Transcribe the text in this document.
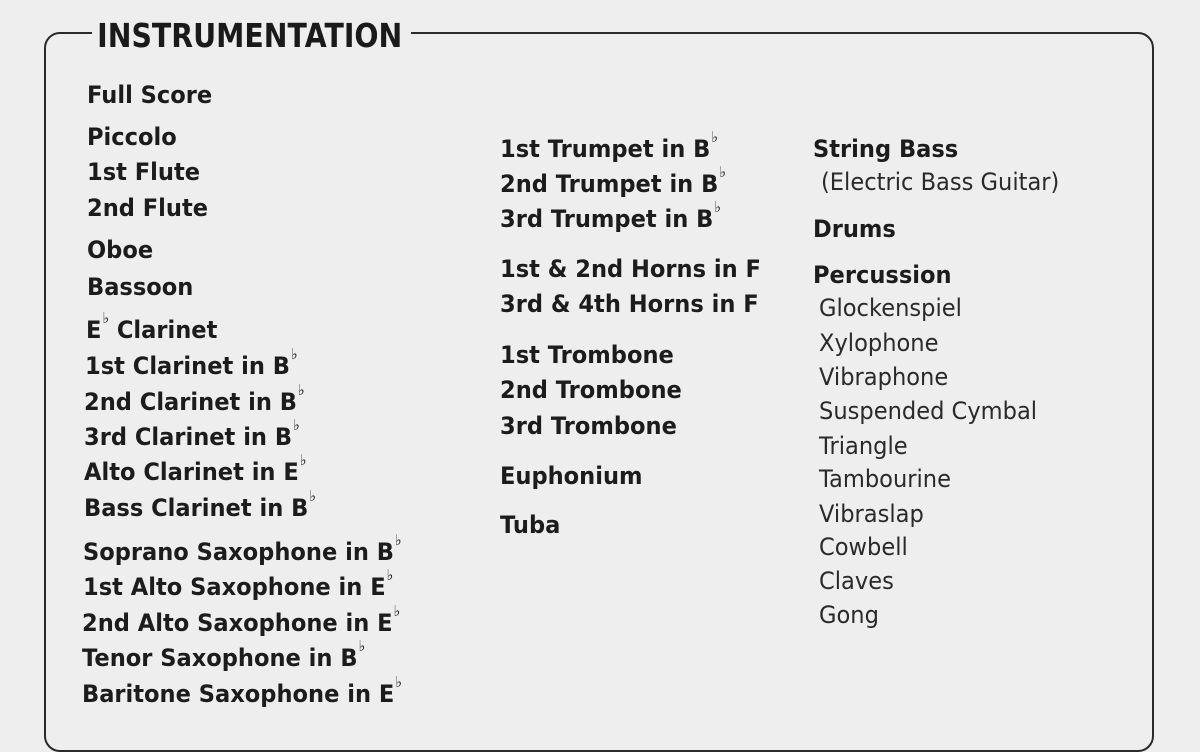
INSTRUMENTATION
Full Score
Piccolo
1st Flute
2nd Flute
Oboe
Bassoon
E♭ Clarinet
1st Clarinet in B♭
2nd Clarinet in B♭
3rd Clarinet in B♭
Alto Clarinet in E♭
Bass Clarinet in B♭
Soprano Saxophone in B♭
1st Alto Saxophone in E♭
2nd Alto Saxophone in E♭
Tenor Saxophone in B♭
Baritone Saxophone in E♭
1st Trumpet in B♭
2nd Trumpet in B♭
3rd Trumpet in B♭
1st & 2nd Horns in F
3rd & 4th Horns in F
1st Trombone
2nd Trombone
3rd Trombone
Euphonium
Tuba
String Bass
(Electric Bass Guitar)
Drums
Percussion
Glockenspiel
Xylophone
Vibraphone
Suspended Cymbal
Triangle
Tambourine
Vibraslap
Cowbell
Claves
Gong
